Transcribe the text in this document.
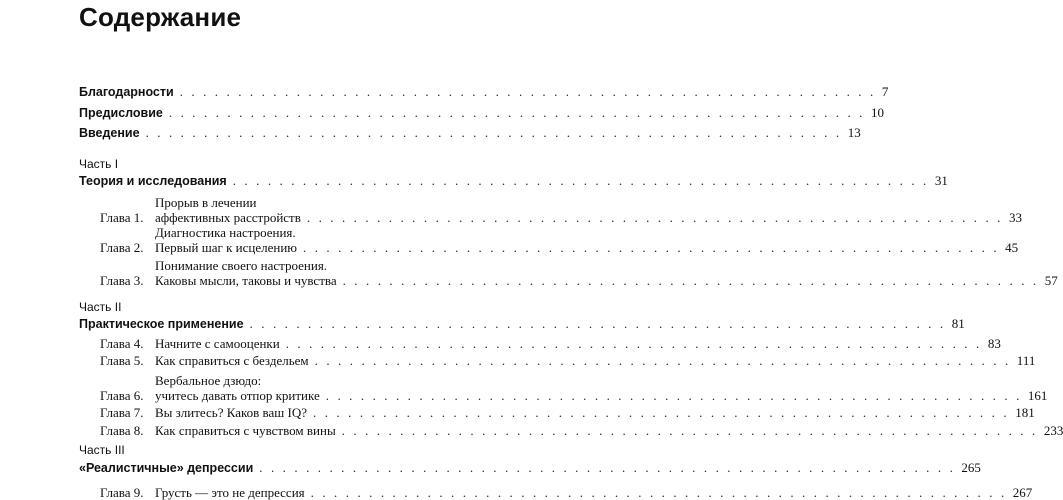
Содержание
Благодарности . . . . . . . . . . . . . . . . . . . . . . . . . . . . . . . . . . . . . . . . . . . . . . . . . . . . . . . . . . . . 7
Предисловие . . . . . . . . . . . . . . . . . . . . . . . . . . . . . . . . . . . . . . . . . . . . . . . . . . . . . . . . . . . . 10
Введение . . . . . . . . . . . . . . . . . . . . . . . . . . . . . . . . . . . . . . . . . . . . . . . . . . . . . . . . . . . . 13
Часть I
Теория и исследования . . . . . . . . . . . . . . . . . . . . . . . . . . . . . . . . . . . . . . . . . . . . . . . . . . . . . . . . . . . . 31
Глава 1.
Прорыв в лечении
аффективных расстройств . . . . . . . . . . . . . . . . . . . . . . . . . . . . . . . . . . . . . . . . . . . . . . . . . . . . . . . . . . . . 33
Глава 2.
Диагностика настроения.
Первый шаг к исцелению . . . . . . . . . . . . . . . . . . . . . . . . . . . . . . . . . . . . . . . . . . . . . . . . . . . . . . . . . . . . 45
Глава 3.
Понимание своего настроения.
Каковы мысли, таковы и чувства . . . . . . . . . . . . . . . . . . . . . . . . . . . . . . . . . . . . . . . . . . . . . . . . . . . . . . . . . . . . 57
Часть II
Практическое применение . . . . . . . . . . . . . . . . . . . . . . . . . . . . . . . . . . . . . . . . . . . . . . . . . . . . . . . . . . . . 81
Глава 4. Начните с самооценки . . . . . . . . . . . . . . . . . . . . . . . . . . . . . . . . . . . . . . . . . . . . . . . . . . . . . . . . . . . . 83
Глава 5. Как справиться с бездельем . . . . . . . . . . . . . . . . . . . . . . . . . . . . . . . . . . . . . . . . . . . . . . . . . . . . . . . . . . . . 111
Глава 6.
Вербальное дзюдо:
учитесь давать отпор критике . . . . . . . . . . . . . . . . . . . . . . . . . . . . . . . . . . . . . . . . . . . . . . . . . . . . . . . . . . . . 161
Глава 7. Вы злитесь? Каков ваш IQ? . . . . . . . . . . . . . . . . . . . . . . . . . . . . . . . . . . . . . . . . . . . . . . . . . . . . . . . . . . . . 181
Глава 8. Как справиться с чувством вины . . . . . . . . . . . . . . . . . . . . . . . . . . . . . . . . . . . . . . . . . . . . . . . . . . . . . . . . . . . . 233
Часть III
«Реалистичные» депрессии . . . . . . . . . . . . . . . . . . . . . . . . . . . . . . . . . . . . . . . . . . . . . . . . . . . . . . . . . . . . 265
Глава 9. Грусть — это не депрессия . . . . . . . . . . . . . . . . . . . . . . . . . . . . . . . . . . . . . . . . . . . . . . . . . . . . . . . . . . . . 267
